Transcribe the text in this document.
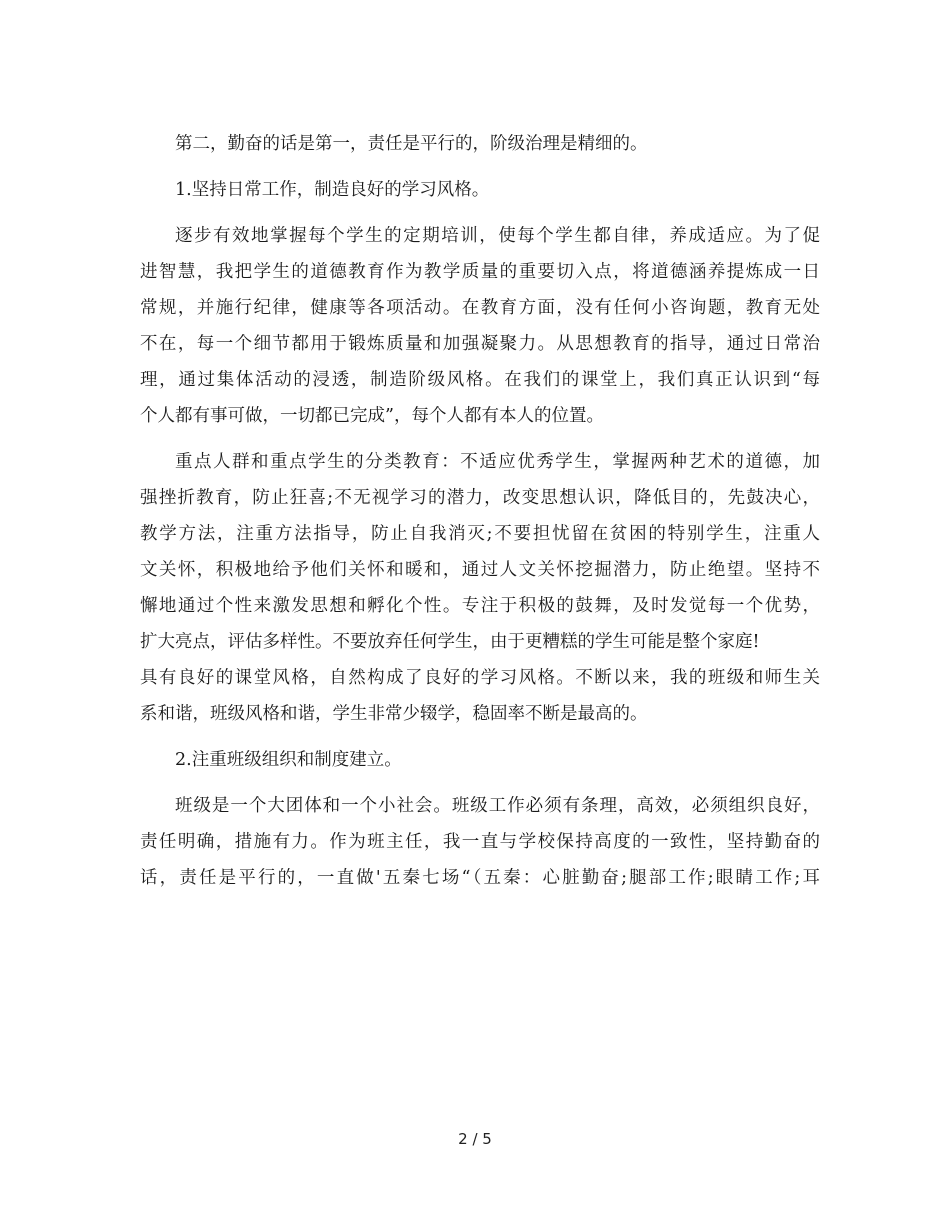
第二，勤奋的话是第一，责任是平行的，阶级治理是精细的。
1.坚持日常工作，制造良好的学习风格。
逐步有效地掌握每个学生的定期培训，使每个学生都自律，养成适应。为了促
进智慧，我把学生的道德教育作为教学质量的重要切入点，将道德涵养提炼成一日
常规，并施行纪律，健康等各项活动。在教育方面，没有任何小咨询题，教育无处
不在，每一个细节都用于锻炼质量和加强凝聚力。从思想教育的指导，通过日常治
理，通过集体活动的浸透，制造阶级风格。在我们的课堂上，我们真正认识到“每
个人都有事可做，一切都已完成”，每个人都有本人的位置。
重点人群和重点学生的分类教育：不适应优秀学生，掌握两种艺术的道德，加
强挫折教育，防止狂喜;不无视学习的潜力，改变思想认识，降低目的，先鼓决心，
教学方法，注重方法指导，防止自我消灭;不要担忧留在贫困的特别学生，注重人
文关怀，积极地给予他们关怀和暖和，通过人文关怀挖掘潜力，防止绝望。坚持不
懈地通过个性来激发思想和孵化个性。专注于积极的鼓舞，及时发觉每一个优势，
扩大亮点，评估多样性。不要放弃任何学生，由于更糟糕的学生可能是整个家庭!
具有良好的课堂风格，自然构成了良好的学习风格。不断以来，我的班级和师生关
系和谐，班级风格和谐，学生非常少辍学，稳固率不断是最高的。
2.注重班级组织和制度建立。
班级是一个大团体和一个小社会。班级工作必须有条理，高效，必须组织良好，
责任明确，措施有力。作为班主任，我一直与学校保持高度的一致性，坚持勤奋的
话，责任是平行的，一直做'五秦七场“（五秦：心脏勤奋;腿部工作;眼睛工作;耳
2 / 5
